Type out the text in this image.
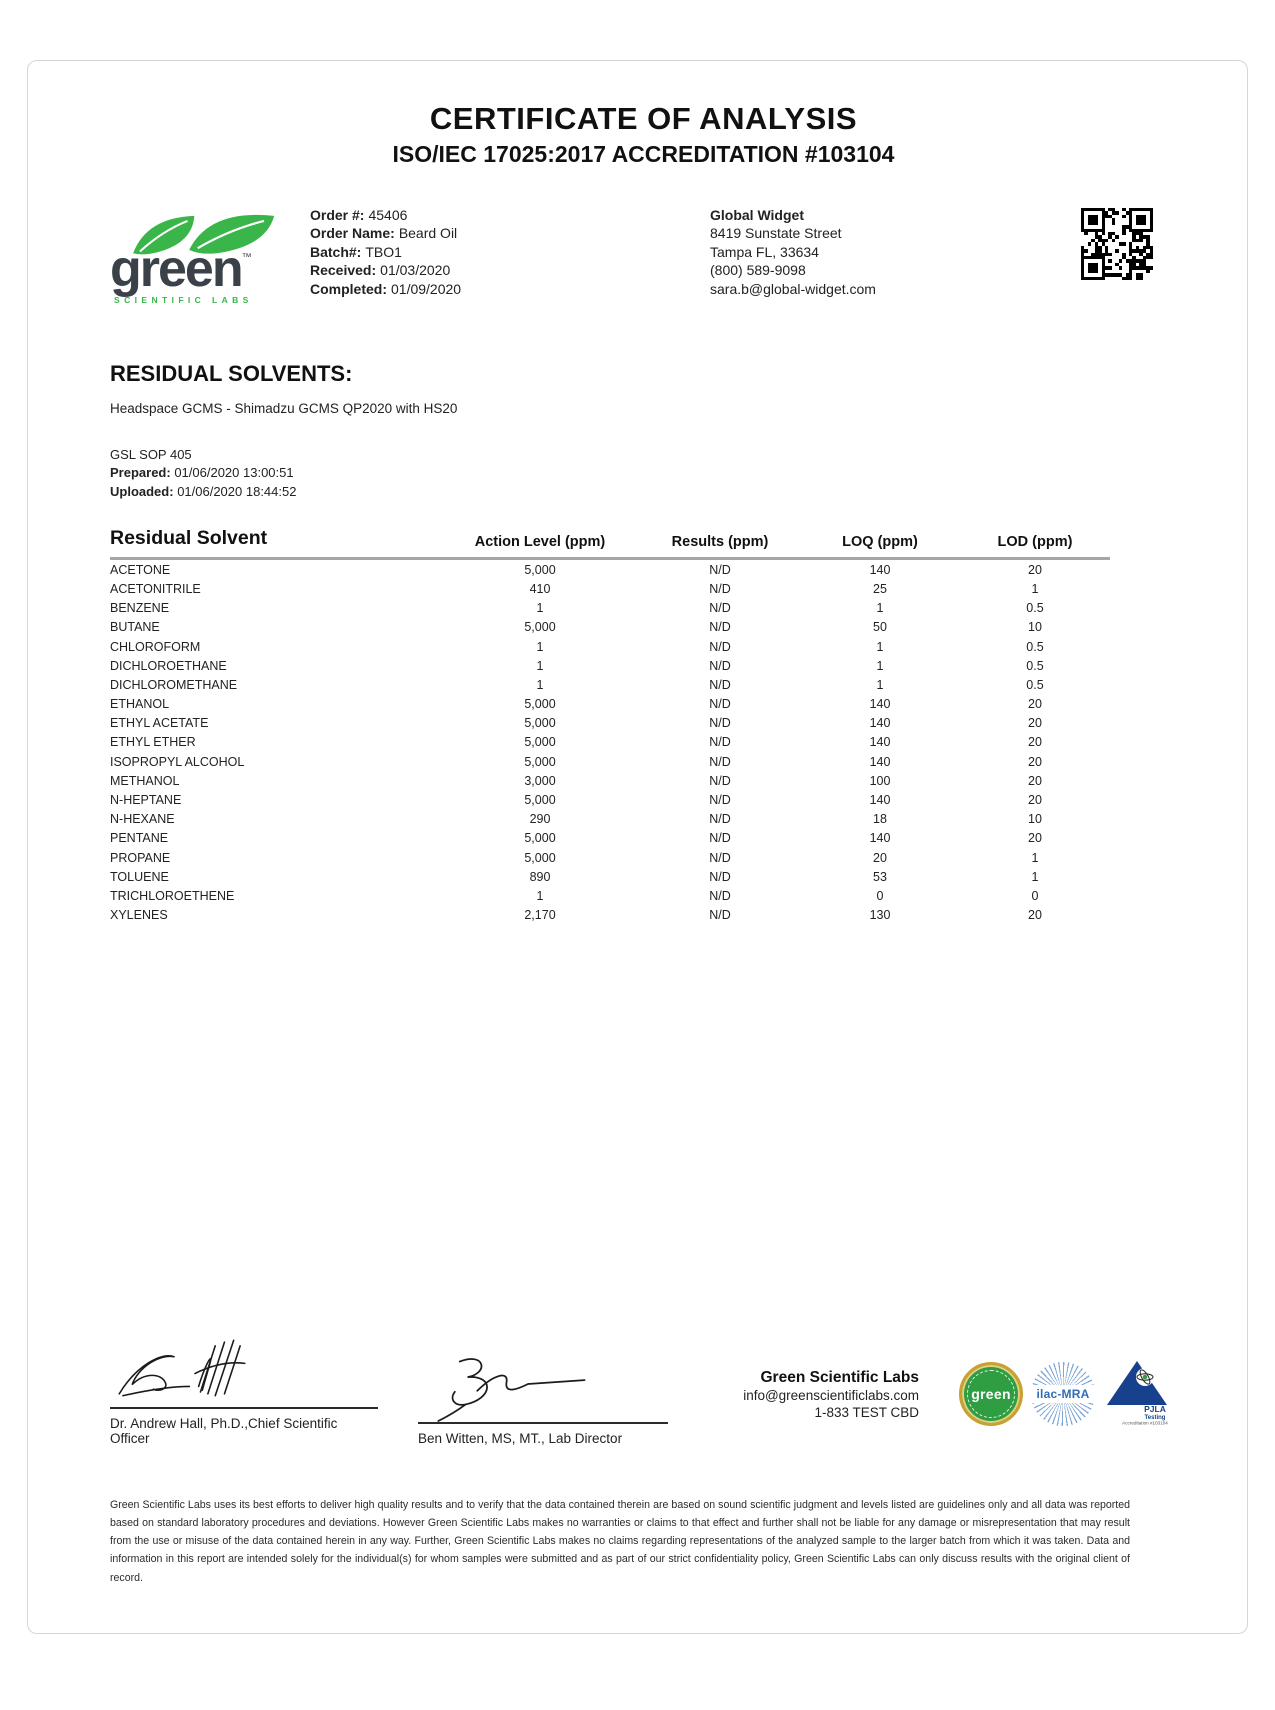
CERTIFICATE OF ANALYSIS
ISO/IEC 17025:2017 ACCREDITATION #103104
green ™
SCIENTIFIC LABS
Order #: 45406
Order Name: Beard Oil
Batch#: TBO1
Received: 01/03/2020
Completed: 01/09/2020
Global Widget
8419 Sunstate Street
Tampa FL, 33634
(800) 589-9098
sara.b@global-widget.com
RESIDUAL SOLVENTS:

Headspace GCMS - Shimadzu GCMS QP2020 with HS20

GSL SOP 405
Prepared: 01/06/2020 13:00:51
Uploaded: 01/06/2020 18:44:52
Residual Solvent	Action Level (ppm)	Results (ppm)	LOQ (ppm)	LOD (ppm)
ACETONE	5,000	N/D	140	20
ACETONITRILE	410	N/D	25	1
BENZENE	1	N/D	1	0.5
BUTANE	5,000	N/D	50	10
CHLOROFORM	1	N/D	1	0.5
DICHLOROETHANE	1	N/D	1	0.5
DICHLOROMETHANE	1	N/D	1	0.5
ETHANOL	5,000	N/D	140	20
ETHYL ACETATE	5,000	N/D	140	20
ETHYL ETHER	5,000	N/D	140	20
ISOPROPYL ALCOHOL	5,000	N/D	140	20
METHANOL	3,000	N/D	100	20
N-HEPTANE	5,000	N/D	140	20
N-HEXANE	290	N/D	18	10
PENTANE	5,000	N/D	140	20
PROPANE	5,000	N/D	20	1
TOLUENE	890	N/D	53	1
TRICHLOROETHENE	1	N/D	0	0
XYLENES	2,170	N/D	130	20
Dr. Andrew Hall, Ph.D.,Chief Scientific Officer	Ben Witten, MS, MT., Lab Director
Green Scientific Labs
info@greenscientificlabs.com
1-833 TEST CBD
green	ilac-MRA
PJLA
Testing
Accreditation #103104

Green Scientific Labs uses its best efforts to deliver high quality results and to verify that the data contained therein are based on sound scientific judgment and levels listed are guidelines only and all data was reported based on standard laboratory procedures and deviations. However Green Scientific Labs makes no warranties or claims to that effect and further shall not be liable for any damage or misrepresentation that may result from the use or misuse of the data contained herein in any way. Further, Green Scientific Labs makes no claims regarding representations of the analyzed sample to the larger batch from which it was taken. Data and information in this report are intended solely for the individual(s) for whom samples were submitted and as part of our strict confidentiality policy, Green Scientific Labs can only discuss results with the original client of record.
